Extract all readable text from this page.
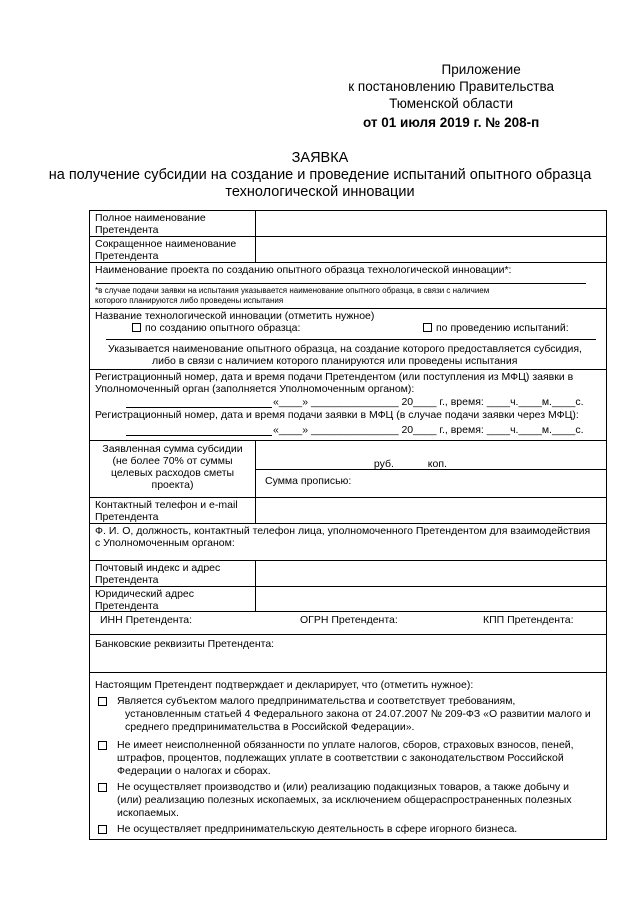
Приложение
к постановлению Правительства
Тюменской области
от 01 июля 2019 г. № 208-п
ЗАЯВКА
на получение субсидии на создание и проведение испытаний опытного образца
технологической инновации
Полное наименование
Претендента
Сокращенное наименование
Претендента
Наименование проекта по созданию опытного образца технологической инновации*:
*в случае подачи заявки на испытания указывается наименование опытного образца, в связи с наличием
которого планируются либо проведены испытания
Название технологической инновации (отметить нужное)
по созданию опытного образца:	по проведению испытаний:
Указывается наименование опытного образца, на создание которого предоставляется субсидия,
либо в связи с наличием которого планируются или проведены испытания
Регистрационный номер, дата и время подачи Претендентом (или поступления из МФЦ) заявки в
Уполномоченный орган (заполняется Уполномоченным органом):
«____» _______________ 20____ г., время: ____ч.____м.____с.
Регистрационный номер, дата и время подачи заявки в МФЦ (в случае подачи заявки через МФЦ):
«____» _______________ 20____ г., время: ____ч.____м.____с.
Заявленная сумма субсидии
(не более 70% от суммы
целевых расходов сметы
проекта)
руб.	коп.
Сумма прописью:
Контактный телефон и e-mail
Претендента
Ф. И. О, должность, контактный телефон лица, уполномоченного Претендентом для взаимодействия
с Уполномоченным органом:
Почтовый индекс и адрес
Претендента
Юридический адрес
Претендента
ИНН Претендента:	ОГРН Претендента:	КПП Претендента:
Банковские реквизиты Претендента:
Настоящим Претендент подтверждает и декларирует, что (отметить нужное):
Является субъектом малого предпринимательства и соответствует требованиям,
установленным статьей 4 Федерального закона от 24.07.2007 № 209-ФЗ «О развитии малого и
среднего предпринимательства в Российской Федерации».
Не имеет неисполненной обязанности по уплате налогов, сборов, страховых взносов, пеней,
штрафов, процентов, подлежащих уплате в соответствии с законодательством Российской
Федерации о налогах и сборах.
Не осуществляет производство и (или) реализацию подакцизных товаров, а также добычу и
(или) реализацию полезных ископаемых, за исключением общераспространенных полезных
ископаемых.
Не осуществляет предпринимательскую деятельность в сфере игорного бизнеса.
